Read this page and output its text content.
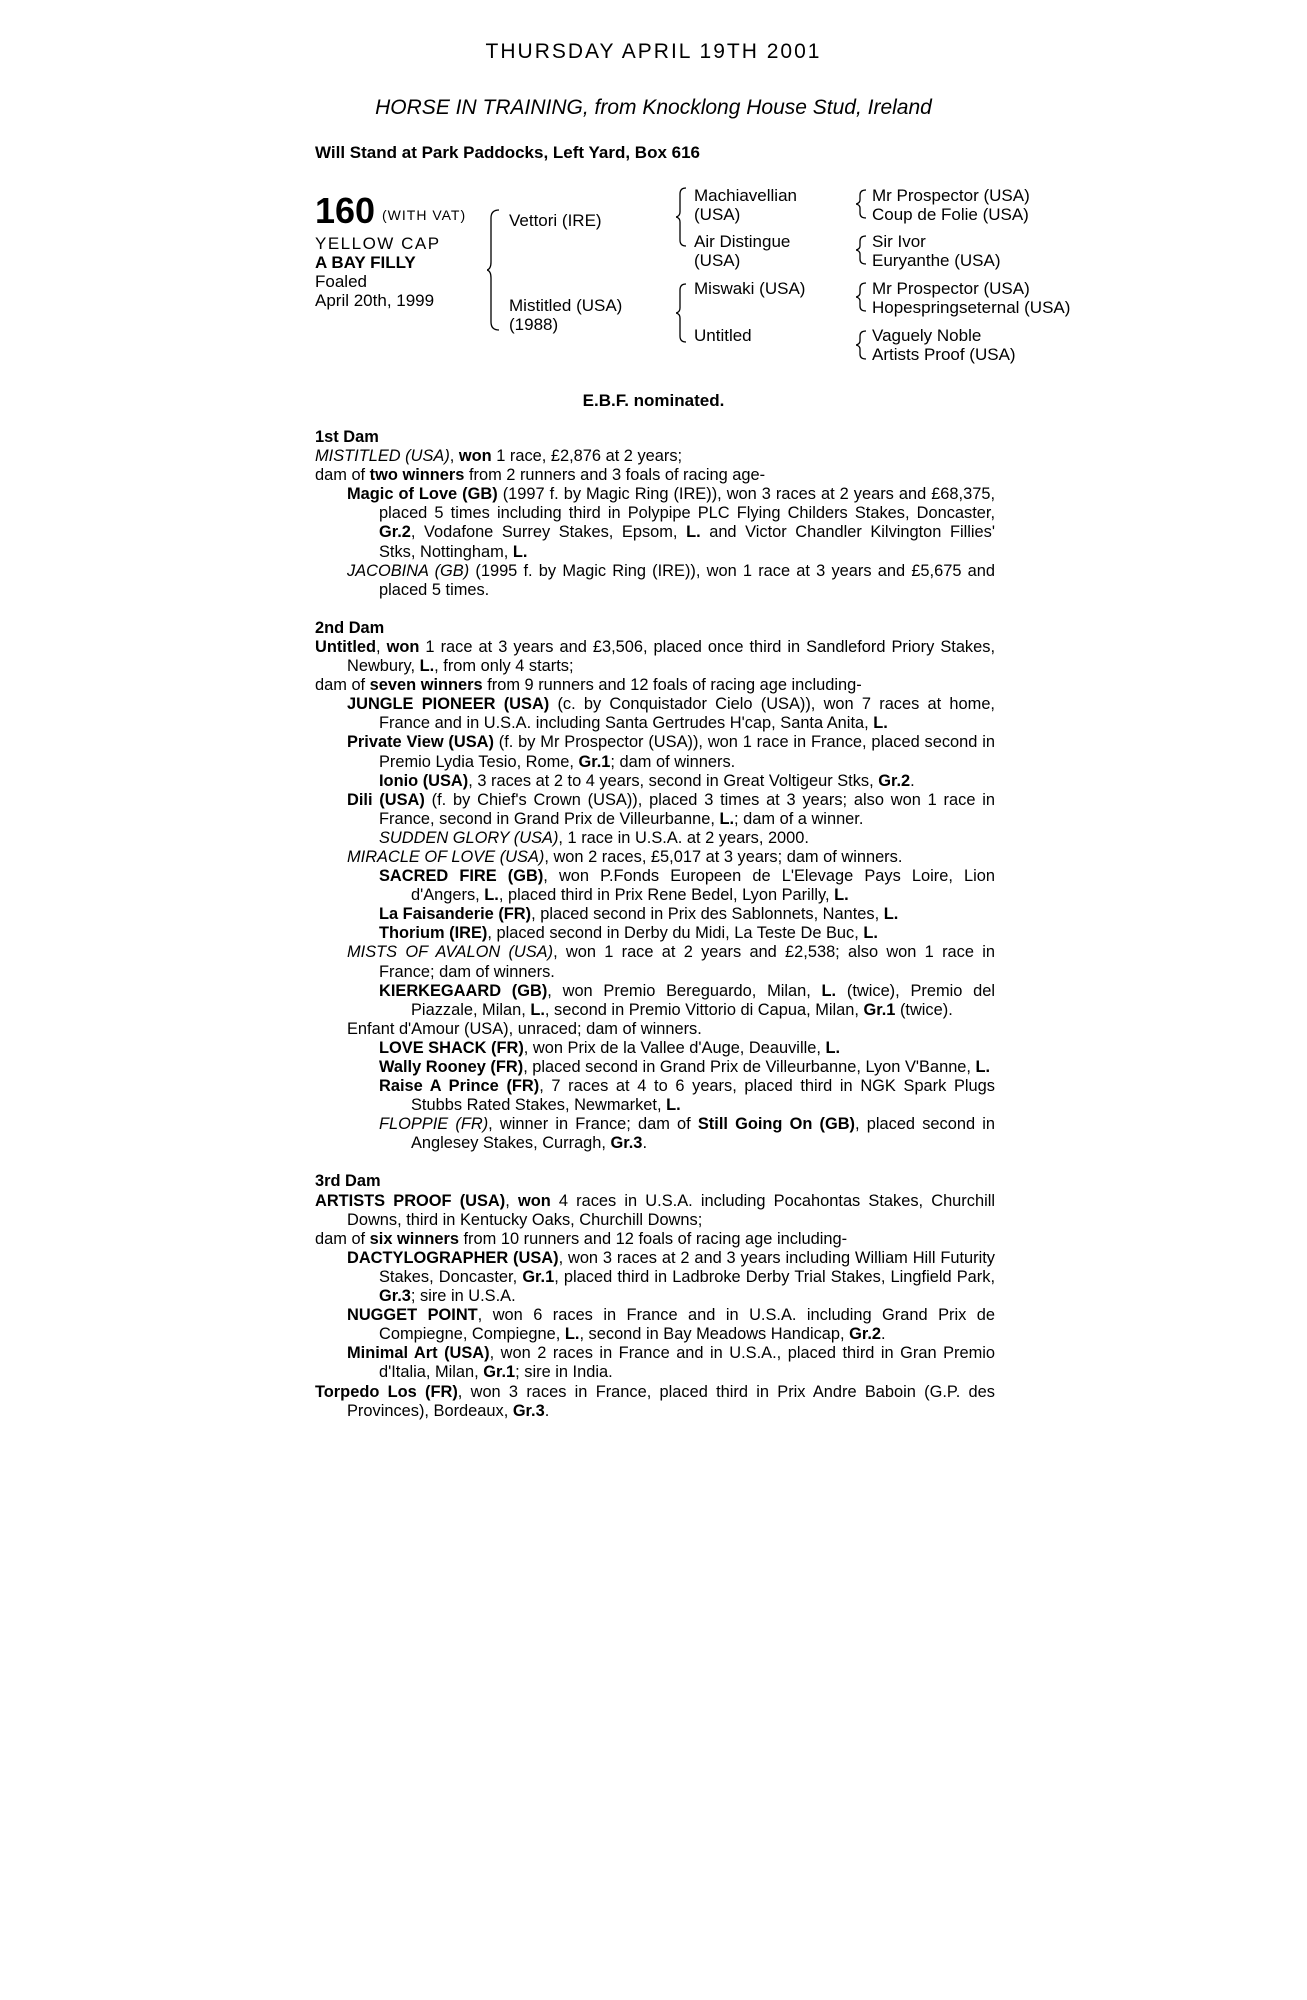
THURSDAY APRIL 19TH 2001
HORSE IN TRAINING, from Knocklong House Stud, Ireland
Will Stand at Park Paddocks, Left Yard, Box 616
160 (WITH VAT)
YELLOW CAP
A BAY FILLY
Foaled
April 20th, 1999
Vettori (IRE)
Mistitled (USA)
(1988)
Machiavellian
(USA)
Air Distingue
(USA)
Miswaki (USA)
Untitled
Mr Prospector (USA)
Coup de Folie (USA)
Sir Ivor
Euryanthe (USA)
Mr Prospector (USA)
Hopespringseternal (USA)
Vaguely Noble
Artists Proof (USA)
E.B.F. nominated.
1st Dam

MISTITLED (USA), won 1 race, £2,876 at 2 years;

dam of two winners from 2 runners and 3 foals of racing age-

Magic of Love (GB) (1997 f. by Magic Ring (IRE)), won 3 races at 2 years and £68,375, placed 5 times including third in Polypipe PLC Flying Childers Stakes, Doncaster, Gr.2, Vodafone Surrey Stakes, Epsom, L. and Victor Chandler Kilvington Fillies' Stks, Nottingham, L.

JACOBINA (GB) (1995 f. by Magic Ring (IRE)), won 1 race at 3 years and £5,675 and placed 5 times.

2nd Dam

Untitled, won 1 race at 3 years and £3,506, placed once third in Sandleford Priory Stakes, Newbury, L., from only 4 starts;

dam of seven winners from 9 runners and 12 foals of racing age including-

JUNGLE PIONEER (USA) (c. by Conquistador Cielo (USA)), won 7 races at home, France and in U.S.A. including Santa Gertrudes H'cap, Santa Anita, L.

Private View (USA) (f. by Mr Prospector (USA)), won 1 race in France, placed second in Premio Lydia Tesio, Rome, Gr.1; dam of winners.

Ionio (USA), 3 races at 2 to 4 years, second in Great Voltigeur Stks, Gr.2.

Dili (USA) (f. by Chief's Crown (USA)), placed 3 times at 3 years; also won 1 race in France, second in Grand Prix de Villeurbanne, L.; dam of a winner.

SUDDEN GLORY (USA), 1 race in U.S.A. at 2 years, 2000.

MIRACLE OF LOVE (USA), won 2 races, £5,017 at 3 years; dam of winners.

SACRED FIRE (GB), won P.Fonds Europeen de L'Elevage Pays Loire, Lion d'Angers, L., placed third in Prix Rene Bedel, Lyon Parilly, L.

La Faisanderie (FR), placed second in Prix des Sablonnets, Nantes, L.

Thorium (IRE), placed second in Derby du Midi, La Teste De Buc, L.

MISTS OF AVALON (USA), won 1 race at 2 years and £2,538; also won 1 race in France; dam of winners.

KIERKEGAARD (GB), won Premio Bereguardo, Milan, L. (twice), Premio del Piazzale, Milan, L., second in Premio Vittorio di Capua, Milan, Gr.1 (twice).

Enfant d'Amour (USA), unraced; dam of winners.

LOVE SHACK (FR), won Prix de la Vallee d'Auge, Deauville, L.

Wally Rooney (FR), placed second in Grand Prix de Villeurbanne, Lyon V'Banne, L.

Raise A Prince (FR), 7 races at 4 to 6 years, placed third in NGK Spark Plugs Stubbs Rated Stakes, Newmarket, L.

FLOPPIE (FR), winner in France; dam of Still Going On (GB), placed second in Anglesey Stakes, Curragh, Gr.3.

3rd Dam

ARTISTS PROOF (USA), won 4 races in U.S.A. including Pocahontas Stakes, Churchill Downs, third in Kentucky Oaks, Churchill Downs;

dam of six winners from 10 runners and 12 foals of racing age including-

DACTYLOGRAPHER (USA), won 3 races at 2 and 3 years including William Hill Futurity Stakes, Doncaster, Gr.1, placed third in Ladbroke Derby Trial Stakes, Lingfield Park, Gr.3; sire in U.S.A.

NUGGET POINT, won 6 races in France and in U.S.A. including Grand Prix de Compiegne, Compiegne, L., second in Bay Meadows Handicap, Gr.2.

Minimal Art (USA), won 2 races in France and in U.S.A., placed third in Gran Premio d'Italia, Milan, Gr.1; sire in India.

Torpedo Los (FR), won 3 races in France, placed third in Prix Andre Baboin (G.P. des Provinces), Bordeaux, Gr.3.
